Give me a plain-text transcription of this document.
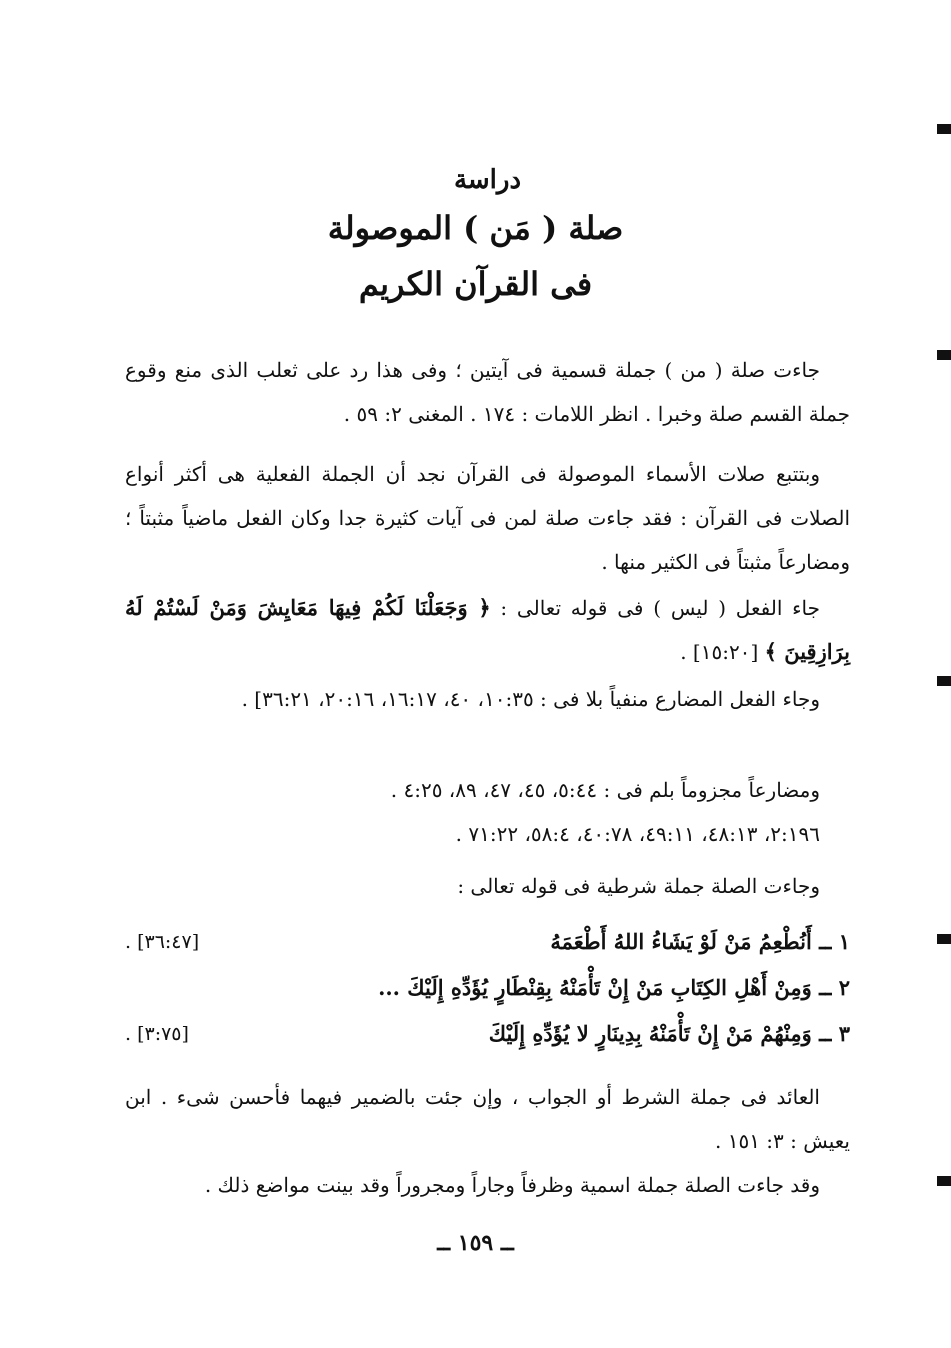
دراسة
صلة ( مَن ) الموصولة
فى القرآن الكريم
جاءت صلة ( من ) جملة قسمية فى آيتين ؛ وفى هذا رد على ثعلب الذى منع وقوع جملة القسم صلة وخبرا . انظر اللامات : ١٧٤ . المغنى ٢: ٥٩ .
وبتتبع صلات الأسماء الموصولة فى القرآن نجد أن الجملة الفعلية هى أكثر أنواع الصلات فى القرآن : فقد جاءت صلة لمن فى آيات كثيرة جدا وكان الفعل ماضياً مثبتاً ؛ ومضارعاً مثبتاً فى الكثير منها .
جاء الفعل ( ليس ) فى قوله تعالى : ﴿ وَجَعَلْنَا لَكُمْ فِيهَا مَعَايِشَ وَمَنْ لَسْتُمْ لَهُ بِرَازِقِينَ ﴾ [١٥:٢٠] .
وجاء الفعل المضارع منفياً بلا فى : ١٠:٣٥، ٤٠، ١٦:١٧، ٢٠:١٦، ٣٦:٢١] .
ومضارعاً مجزوماً بلم فى : ٥:٤٤، ٤٥، ٤٧، ٨٩، ٤:٢٥ .
٢:١٩٦، ٤٨:١٣، ٤٩:١١، ٤٠:٧٨، ٥٨:٤، ٧١:٢٢ .
وجاءت الصلة جملة شرطية فى قوله تعالى :
١ ــ أَنُطْعِمُ مَنْ لَوْ يَشَاءُ اللهُ أَطْعَمَهُ
[٣٦:٤٧] .
٢ ــ وَمِنْ أَهْلِ الكِتَابِ مَنْ إِنْ تَأْمَنْهُ بِقِنْطَارٍ يُؤَدِّهِ إِلَيْكَ ...
٣ ــ وَمِنْهُمْ مَنْ إِنْ تَأْمَنْهُ بِدِينَارٍ لا يُؤَدِّهِ إِلَيْكَ
[٣:٧٥] .
العائد فى جملة الشرط أو الجواب ، وإن جئت بالضمير فيهما فأحسن شىء . ابن يعيش : ٣: ١٥١ .
وقد جاءت الصلة جملة اسمية وظرفاً وجاراً ومجروراً وقد بينت مواضع ذلك .
ــ ١٥٩ ــ
